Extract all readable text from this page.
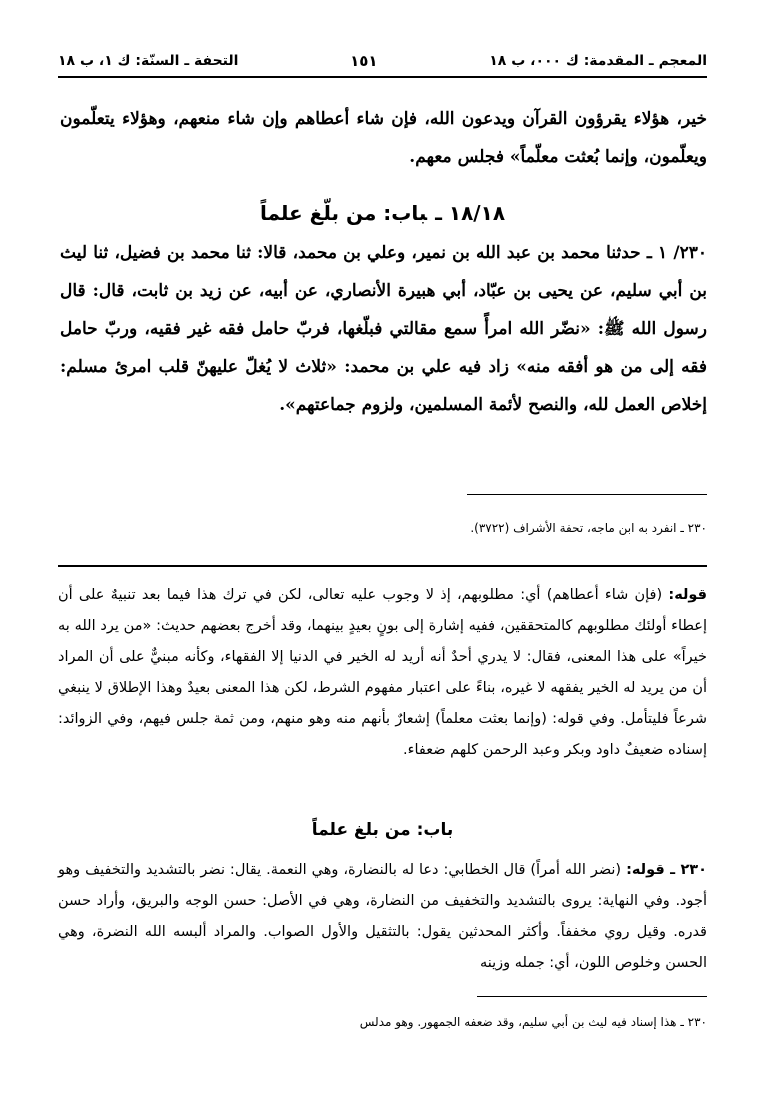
المعجم ـ المقدمة: ك ٠٠٠، ب ١٨
١٥١
التحفة ـ السنّة: ك ١، ب ١٨

خير، هؤلاء يقرؤون القرآن ويدعون الله، فإن شاء أعطاهم وإن شاء منعهم، وهؤلاء يتعلّمون ويعلّمون، وإنما بُعثت معلّماً» فجلس معهم.

١٨/١٨ ـباب: من بلّغ علماً

٢٣٠/ ١ ـ حدثنا محمد بن عبد الله بن نمير، وعلي بن محمد، قالا: ثنا محمد بن فضيل، ثنا ليث بن أبي سليم، عن يحيى بن عبّاد، أبي هبيرة الأنصاري، عن أبيه، عن زيد بن ثابت، قال: قال رسول الله ﷺ: «نضّر الله امرأً سمع مقالتي فبلّغها، فربّ حامل فقه غير فقيه، وربّ حامل فقه إلى من هو أفقه منه» زاد فيه علي بن محمد: «ثلاث لا يُغلّ عليهنّ قلب امرئ مسلم: إخلاص العمل لله، والنصح لأئمة المسلمين، ولزوم جماعتهم».

٢٣٠ ـ انفرد به ابن ماجه، تحفة الأشراف (٣٧٢٢).

قوله: (فإن شاء أعطاهم) أي: مطلوبهم، إذ لا وجوب عليه تعالى، لكن في ترك هذا فيما بعد تنبيهٌ على أن إعطاء أولئك مطلوبهم كالمتحققين، ففيه إشارة إلى بونٍ بعيدٍ بينهما، وقد أخرج بعضهم حديث: «من يرد الله به خيراً» على هذا المعنى، فقال: لا يدري أحدٌ أنه أريد له الخير في الدنيا إلا الفقهاء، وكأنه مبنيٌّ على أن المراد أن من يريد له الخير يفقهه لا غيره، بناءً على اعتبار مفهوم الشرط، لكن هذا المعنى بعيدٌ وهذا الإطلاق لا ينبغي شرعاً فليتأمل. وفي قوله: (وإنما بعثت معلماً) إشعارٌ بأنهم منه وهو منهم، ومن ثمة جلس فيهم، وفي الزوائد: إسناده ضعيفٌ داود وبكر وعبد الرحمن كلهم ضعفاء.

باب: من بلغ علماً

٢٣٠ ـ قوله: (نضر الله أمراً) قال الخطابي: دعا له بالنضارة، وهي النعمة. يقال: نضر بالتشديد والتخفيف وهو أجود. وفي النهاية: يروى بالتشديد والتخفيف من النضارة، وهي في الأصل: حسن الوجه والبريق، وأراد حسن قدره. وقيل روي مخففاً. وأكثر المحدثين يقول: بالتثقيل والأول الصواب. والمراد ألبسه الله النضرة، وهي الحسن وخلوص اللون، أي: جمله وزينه

٢٣٠ ـ هذا إسناد فيه ليث بن أبي سليم، وقد ضعفه الجمهور. وهو مدلس
